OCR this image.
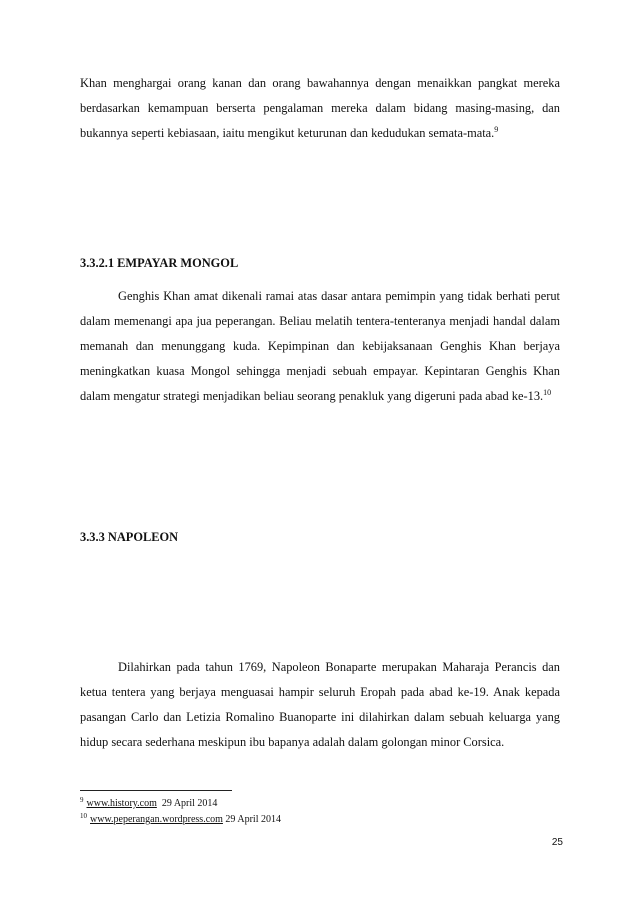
Khan menghargai orang kanan dan orang bawahannya dengan menaikkan pangkat mereka berdasarkan kemampuan berserta pengalaman mereka dalam bidang masing-masing, dan bukannya seperti kebiasaan, iaitu mengikut keturunan dan kedudukan semata-mata.$^9$

3.3.2.1 EMPAYAR MONGOL

Genghis Khan amat dikenali ramai atas dasar antara pemimpin yang tidak berhati perut dalam memenangi apa jua peperangan. Beliau melatih tentera-tenteranya menjadi handal dalam memanah dan menunggang kuda. Kepimpinan dan kebijaksanaan Genghis Khan berjaya meningkatkan kuasa Mongol sehingga menjadi sebuah empayar. Kepintaran Genghis Khan dalam mengatur strategi menjadikan beliau seorang penakluk yang digeruni pada abad ke-13.10

3.3.3 NAPOLEON

Dilahirkan pada tahun 1769, Napoleon Bonaparte merupakan Maharaja Perancis dan ketua tentera yang berjaya menguasai hampir seluruh Eropah pada abad ke-19. Anak kepada pasangan Carlo dan Letizia Romalino Buanoparte ini dilahirkan dalam sebuah keluarga yang hidup secara sederhana meskipun ibu bapanya adalah dalam golongan minor Corsica.

$^9$ www.history.com 29 April 2014
$^{10}$ www.peperangan.wordpress.com 29 April 2014
25
